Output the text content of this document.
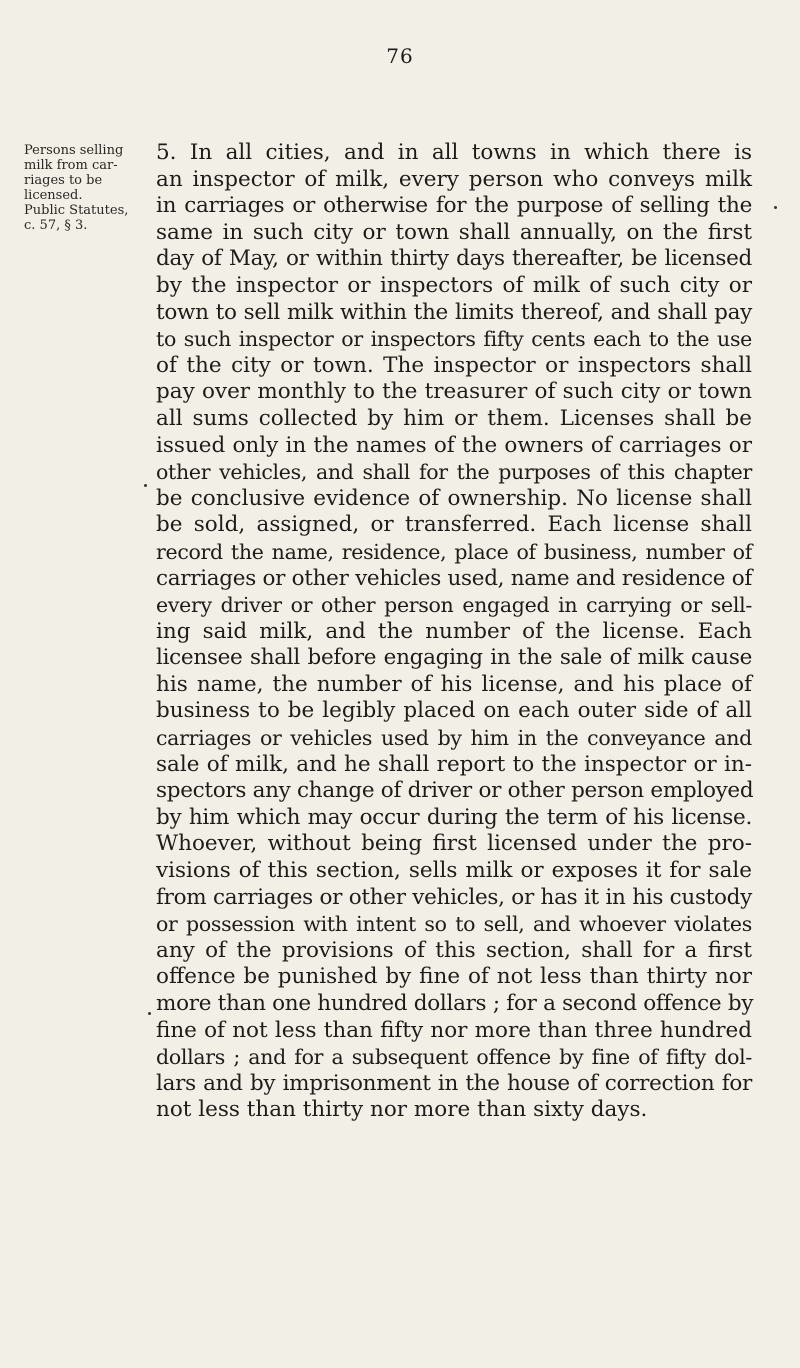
76
Persons selling
milk from car-
riages to be
licensed.
Public Statutes,
c. 57, § 3.
5. In all cities, and in all towns in which there is
an inspector of milk, every person who conveys milk
in carriages or otherwise for the purpose of selling the
same in such city or town shall annually, on the first
day of May, or within thirty days thereafter, be licensed
by the inspector or inspectors of milk of such city or
town to sell milk within the limits thereof, and shall pay
to such inspector or inspectors fifty cents each to the use
of the city or town. The inspector or inspectors shall
pay over monthly to the treasurer of such city or town
all sums collected by him or them. Licenses shall be
issued only in the names of the owners of carriages or
other vehicles, and shall for the purposes of this chapter
be conclusive evidence of ownership. No license shall
be sold, assigned, or transferred. Each license shall
record the name, residence, place of business, number of
carriages or other vehicles used, name and residence of
every driver or other person engaged in carrying or sell-
ing said milk, and the number of the license. Each
licensee shall before engaging in the sale of milk cause
his name, the number of his license, and his place of
business to be legibly placed on each outer side of all
carriages or vehicles used by him in the conveyance and
sale of milk, and he shall report to the inspector or in-
spectors any change of driver or other person employed
by him which may occur during the term of his license.
Whoever, without being first licensed under the pro-
visions of this section, sells milk or exposes it for sale
from carriages or other vehicles, or has it in his custody
or possession with intent so to sell, and whoever violates
any of the provisions of this section, shall for a first
offence be punished by fine of not less than thirty nor
more than one hundred dollars ; for a second offence by
fine of not less than fifty nor more than three hundred
dollars ; and for a subsequent offence by fine of fifty dol-
lars and by imprisonment in the house of correction for
not less than thirty nor more than sixty days.
